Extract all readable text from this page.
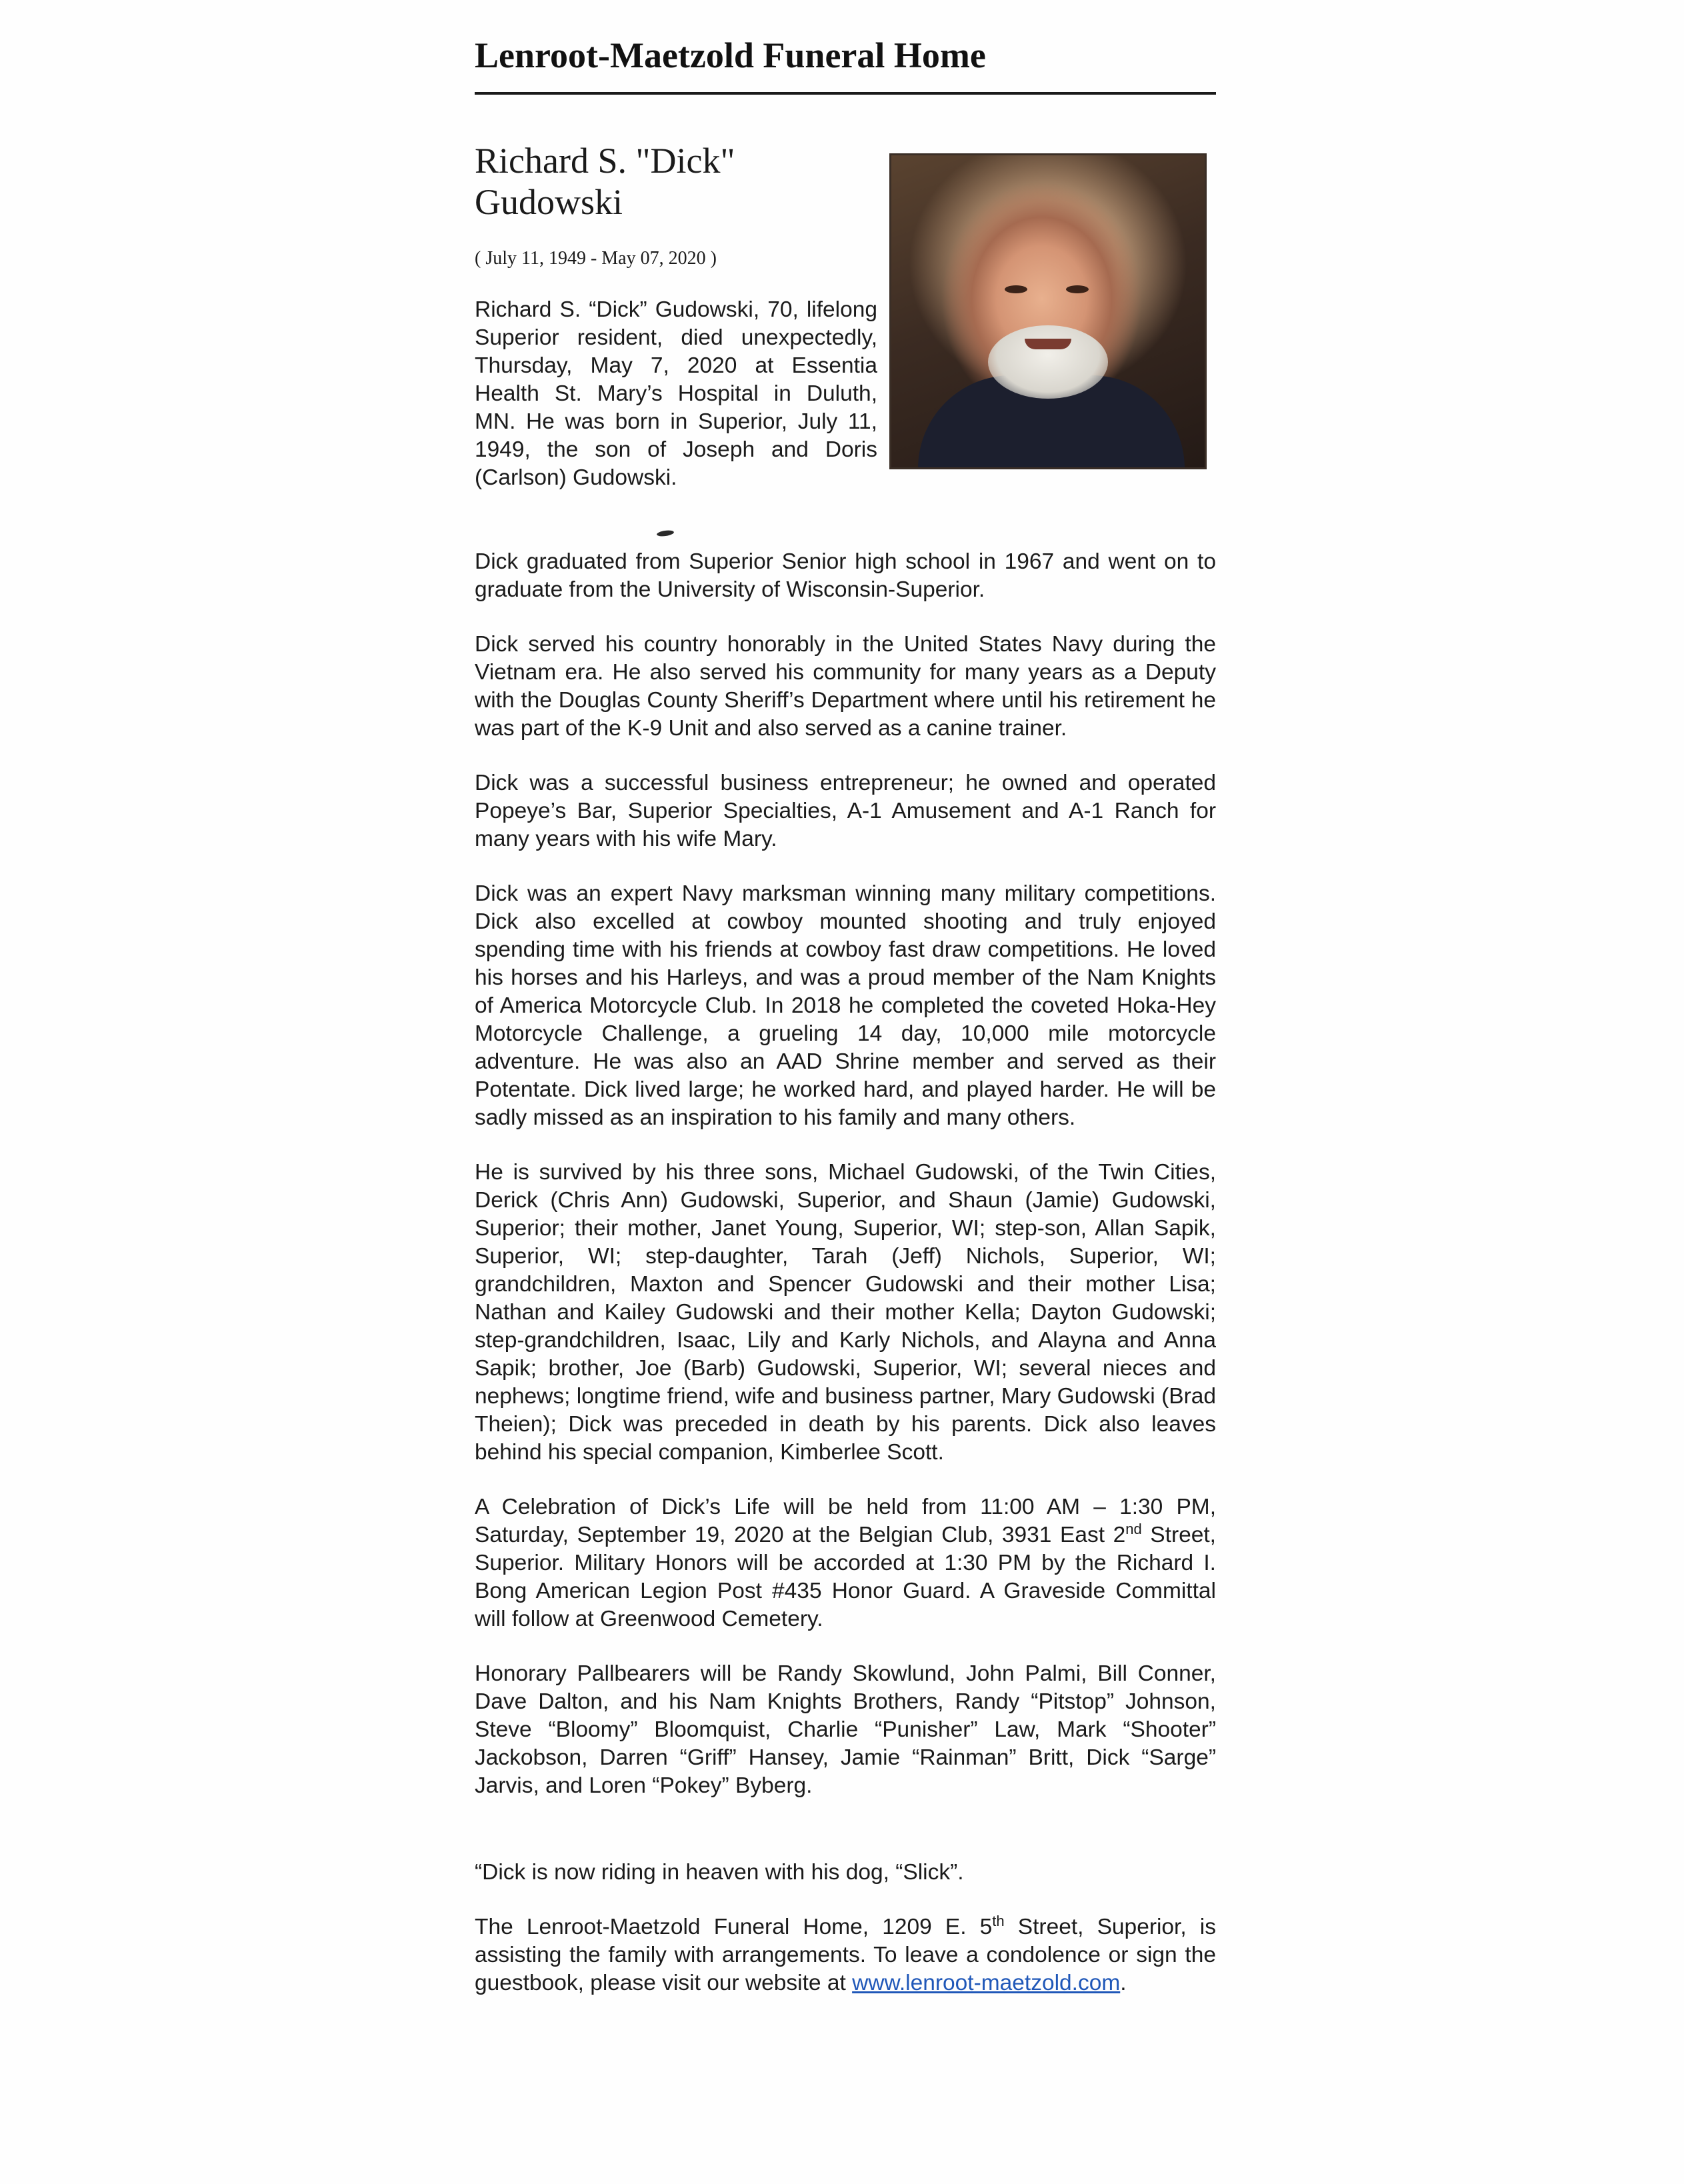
Lenroot-Maetzold Funeral Home
Richard S. "Dick" Gudowski
( July 11, 1949 - May 07, 2020 )

Richard S. “Dick” Gudowski, 70, lifelong Superior resident, died unexpectedly, Thursday, May 7, 2020 at Essentia Health St. Mary’s Hospital in Duluth, MN. He was born in Superior, July 11, 1949, the son of Joseph and Doris (Carlson) Gudowski.

Dick graduated from Superior Senior high school in 1967 and went on to graduate from the University of Wisconsin-Superior.

Dick served his country honorably in the United States Navy during the Vietnam era. He also served his community for many years as a Deputy with the Douglas County Sheriff’s Department where until his retirement he was part of the K-9 Unit and also served as a canine trainer.

Dick was a successful business entrepreneur; he owned and operated Popeye’s Bar, Superior Specialties, A-1 Amusement and A-1 Ranch for many years with his wife Mary.

Dick was an expert Navy marksman winning many military competitions. Dick also excelled at cowboy mounted shooting and truly enjoyed spending time with his friends at cowboy fast draw competitions. He loved his horses and his Harleys, and was a proud member of the Nam Knights of America Motorcycle Club. In 2018 he completed the coveted Hoka-Hey Motorcycle Challenge, a grueling 14 day, 10,000 mile motorcycle adventure. He was also an AAD Shrine member and served as their Potentate. Dick lived large; he worked hard, and played harder. He will be sadly missed as an inspiration to his family and many others.

He is survived by his three sons, Michael Gudowski, of the Twin Cities, Derick (Chris Ann) Gudowski, Superior, and Shaun (Jamie) Gudowski, Superior; their mother, Janet Young, Superior, WI; step-son, Allan Sapik, Superior, WI; step-daughter, Tarah (Jeff) Nichols, Superior, WI; grandchildren, Maxton and Spencer Gudowski and their mother Lisa; Nathan and Kailey Gudowski and their mother Kella; Dayton Gudowski; step-grandchildren, Isaac, Lily and Karly Nichols, and Alayna and Anna Sapik; brother, Joe (Barb) Gudowski, Superior, WI; several nieces and nephews; longtime friend, wife and business partner, Mary Gudowski (Brad Theien); Dick was preceded in death by his parents. Dick also leaves behind his special companion, Kimberlee Scott.

A Celebration of Dick’s Life will be held from 11:00 AM – 1:30 PM, Saturday, September 19, 2020 at the Belgian Club, 3931 East 2nd Street, Superior. Military Honors will be accorded at 1:30 PM by the Richard I. Bong American Legion Post #435 Honor Guard. A Graveside Committal will follow at Greenwood Cemetery.

Honorary Pallbearers will be Randy Skowlund, John Palmi, Bill Conner, Dave Dalton, and his Nam Knights Brothers, Randy “Pitstop” Johnson, Steve “Bloomy” Bloomquist, Charlie “Punisher” Law, Mark “Shooter” Jackobson, Darren “Griff” Hansey, Jamie “Rainman” Britt, Dick “Sarge” Jarvis, and Loren “Pokey” Byberg.

“Dick is now riding in heaven with his dog, “Slick”.

The Lenroot-Maetzold Funeral Home, 1209 E. 5th Street, Superior, is assisting the family with arrangements. To leave a condolence or sign the guestbook, please visit our website at www.lenroot-maetzold.com.
